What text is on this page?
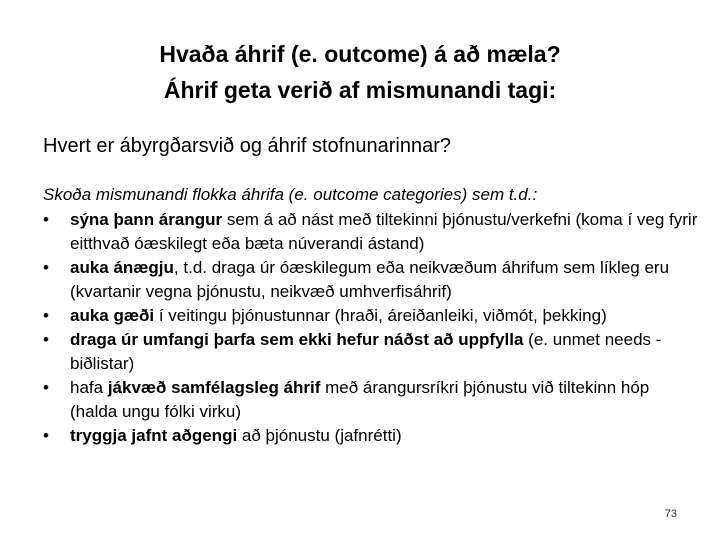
Hvaða áhrif (e. outcome) á að mæla?
Áhrif geta verið af mismunandi tagi:
Hvert er ábyrgðarsvið og áhrif stofnunarinnar?
Skoða mismunandi flokka áhrifa (e. outcome categories) sem t.d.:
• sýna þann árangur sem á að nást með tiltekinni þjónustu/verkefni (koma í veg fyrir eitthvað óæskilegt eða bæta núverandi ástand)
• auka ánægju, t.d. draga úr óæskilegum eða neikvæðum áhrifum sem líkleg eru (kvartanir vegna þjónustu, neikvæð umhverfisáhrif)
• auka gæði í veitingu þjónustunnar (hraði, áreiðanleiki, viðmót, þekking)
• draga úr umfangi þarfa sem ekki hefur náðst að uppfylla (e. unmet needs - biðlistar)
• hafa jákvæð samfélagsleg áhrif með árangursríkri þjónustu við tiltekinn hóp (halda ungu fólki virku)
• tryggja jafnt aðgengi að þjónustu (jafnrétti)
73
